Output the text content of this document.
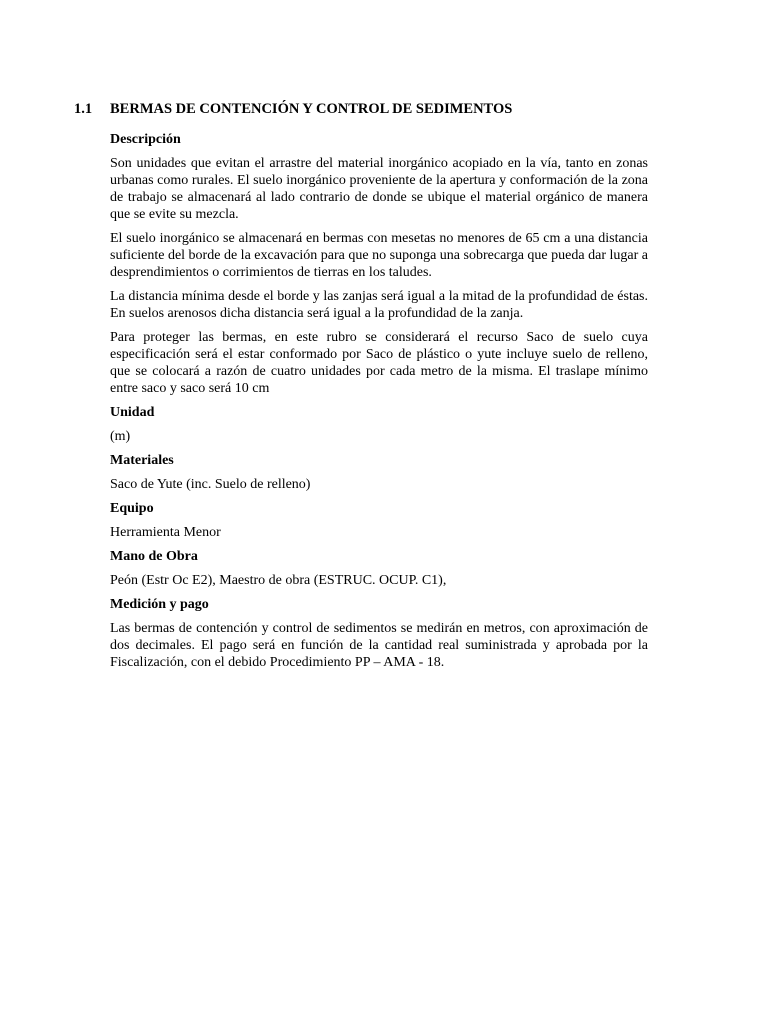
1.1 BERMAS DE CONTENCIÓN Y CONTROL DE SEDIMENTOS
Descripción
Son unidades que evitan el arrastre del material inorgánico acopiado en la vía, tanto en zonas urbanas como rurales. El suelo inorgánico proveniente de la apertura y conformación de la zona de trabajo se almacenará al lado contrario de donde se ubique el material orgánico de manera que se evite su mezcla.
El suelo inorgánico se almacenará en bermas con mesetas no menores de 65 cm a una distancia suficiente del borde de la excavación para que no suponga una sobrecarga que pueda dar lugar a desprendimientos o corrimientos de tierras en los taludes.
La distancia mínima desde el borde y las zanjas será igual a la mitad de la profundidad de éstas. En suelos arenosos dicha distancia será igual a la profundidad de la zanja.
Para proteger las bermas, en este rubro se considerará el recurso Saco de suelo cuya especificación será el estar conformado por Saco de plástico o yute incluye suelo de relleno, que se colocará a razón de cuatro unidades por cada metro de la misma. El traslape mínimo entre saco y saco será 10 cm
Unidad
(m)
Materiales
Saco de Yute (inc. Suelo de relleno)
Equipo
Herramienta Menor
Mano de Obra
Peón (Estr Oc E2), Maestro de obra (ESTRUC. OCUP. C1),
Medición y pago
Las bermas de contención y control de sedimentos se medirán en metros, con aproximación de dos decimales. El pago será en función de la cantidad real suministrada y aprobada por la Fiscalización, con el debido Procedimiento PP – AMA - 18.
